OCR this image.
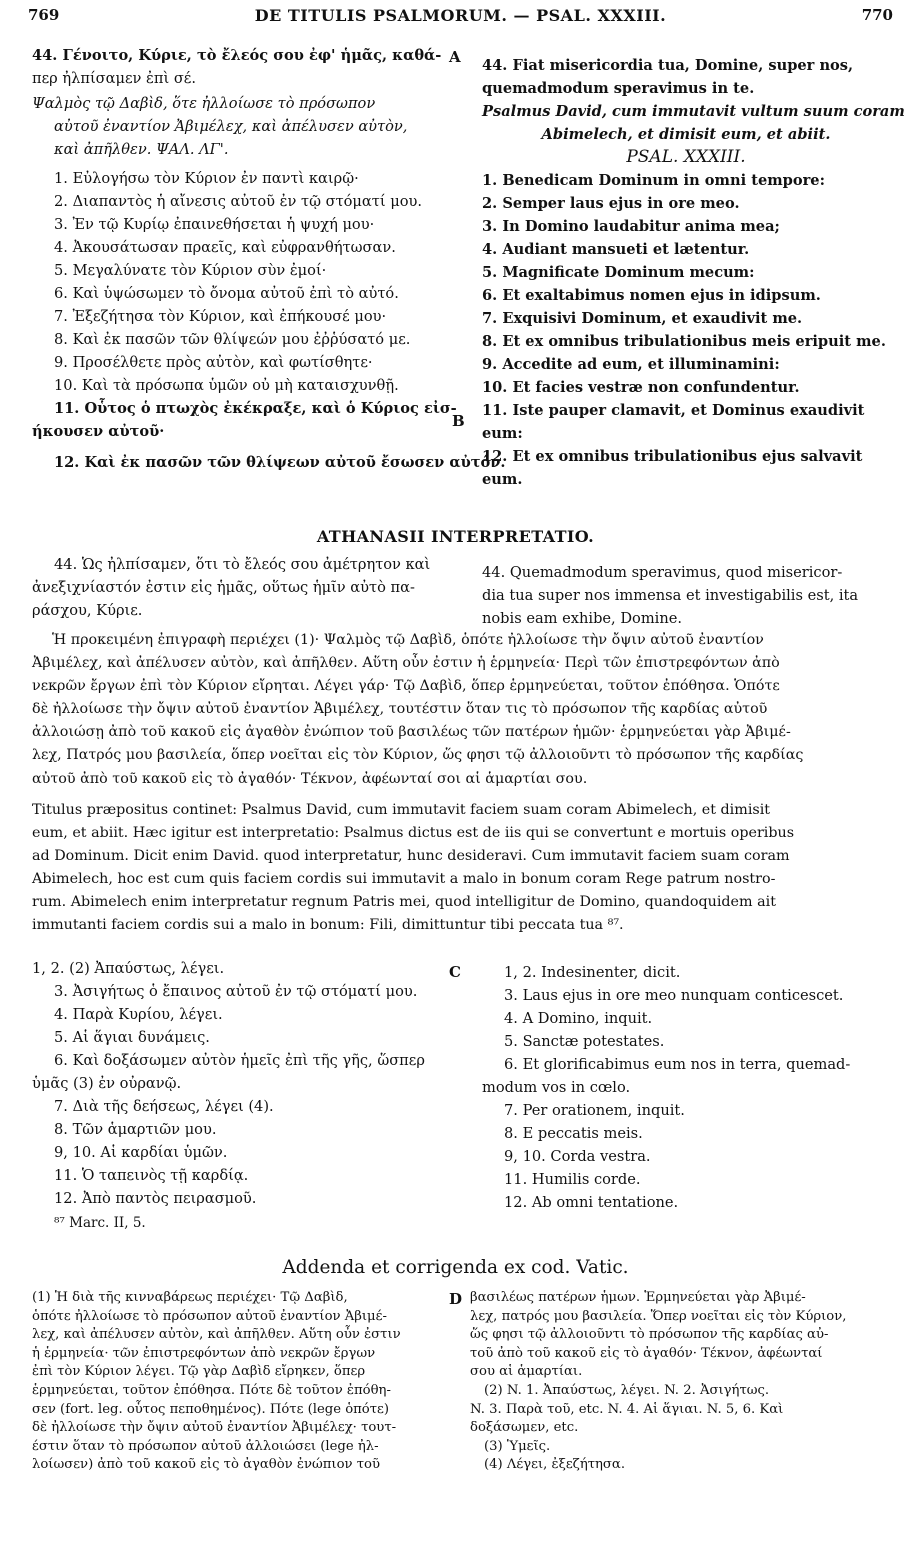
769	DE TITULIS PSALMORUM. — PSAL. XXXIII.	770
A
B
C
D
44. Γένοιτο, Κύριε, τὸ ἔλεός σου ἐφ' ἡμᾶς, καθά-
περ ἠλπίσαμεν ἐπὶ σέ.
Ψαλμὸς τῷ Δαβὶδ, ὅτε ἠλλοίωσε τὸ πρόσωπον
αὐτοῦ ἐναντίον Ἀβιμέλεχ, καὶ ἀπέλυσεν αὐτὸν,
καὶ ἀπῆλθεν. ΨΑΛ. ΛΓ'.
1. Εὐλογήσω τὸν Κύριον ἐν παντὶ καιρῷ·
2. Διαπαντὸς ἡ αἴνεσις αὐτοῦ ἐν τῷ στόματί μου.
3. Ἐν τῷ Κυρίῳ ἐπαινεθήσεται ἡ ψυχή μου·
4. Ἀκουσάτωσαν πραεῖς, καὶ εὐφρανθήτωσαν.
5. Μεγαλύνατε τὸν Κύριον σὺν ἐμοί·
6. Καὶ ὑψώσωμεν τὸ ὄνομα αὐτοῦ ἐπὶ τὸ αὐτό.
7. Ἐξεζήτησα τὸν Κύριον, καὶ ἐπήκουσέ μου·
8. Καὶ ἐκ πασῶν τῶν θλίψεών μου ἐῤῥύσατό με.
9. Προσέλθετε πρὸς αὐτὸν, καὶ φωτίσθητε·
10. Καὶ τὰ πρόσωπα ὑμῶν οὐ μὴ καταισχυνθῇ.
11. Οὗτος ὁ πτωχὸς ἐκέκραξε, καὶ ὁ Κύριος εἰσ-
ήκουσεν αὐτοῦ·
12. Καὶ ἐκ πασῶν τῶν θλίψεων αὐτοῦ ἔσωσεν αὐτόν.
44. Fiat misericordia tua, Domine, super nos,
quemadmodum speravimus in te.
Psalmus David, cum immutavit vultum suum coram
Abimelech, et dimisit eum, et abiit.
PSAL. XXXIII.
1. Benedicam Dominum in omni tempore:
2. Semper laus ejus in ore meo.
3. In Domino laudabitur anima mea;
4. Audiant mansueti et lætentur.
5. Magnificate Dominum mecum:
6. Et exaltabimus nomen ejus in idipsum.
7. Exquisivi Dominum, et exaudivit me.
8. Et ex omnibus tribulationibus meis eripuit me.
9. Accedite ad eum, et illuminamini:
10. Et facies vestræ non confundentur.
11. Iste pauper clamavit, et Dominus exaudivit
eum:
12. Et ex omnibus tribulationibus ejus salvavit
eum.
ATHANASII INTERPRETATIO.
44. Ὡς ἠλπίσαμεν, ὅτι τὸ ἔλεός σου ἀμέτρητον καὶ
ἀνεξιχνίαστόν ἐστιν εἰς ἡμᾶς, οὕτως ἡμῖν αὐτὸ πα-
ράσχου, Κύριε.
44. Quemadmodum speravimus, quod misericor-
dia tua super nos immensa et investigabilis est, ita
nobis eam exhibe, Domine.
Ἡ προκειμένη ἐπιγραφὴ περιέχει (1)· Ψαλμὸς τῷ Δαβὶδ, ὁπότε ἠλλοίωσε τὴν ὄψιν αὐτοῦ ἐναντίον
Ἀβιμέλεχ, καὶ ἀπέλυσεν αὐτὸν, καὶ ἀπῆλθεν. Αὕτη οὖν ἐστιν ἡ ἑρμηνεία· Περὶ τῶν ἐπιστρεφόντων ἀπὸ
νεκρῶν ἔργων ἐπὶ τὸν Κύριον εἴρηται. Λέγει γάρ· Τῷ Δαβὶδ, ὅπερ ἑρμηνεύεται, τοῦτον ἐπόθησα. Ὁπότε
δὲ ἠλλοίωσε τὴν ὄψιν αὐτοῦ ἐναντίον Ἀβιμέλεχ, τουτέστιν ὅταν τις τὸ πρόσωπον τῆς καρδίας αὐτοῦ
ἀλλοιώσῃ ἀπὸ τοῦ κακοῦ εἰς ἀγαθὸν ἐνώπιον τοῦ βασιλέως τῶν πατέρων ἡμῶν· ἑρμηνεύεται γὰρ Ἀβιμέ-
λεχ, Πατρός μου βασιλεία, ὅπερ νοεῖται εἰς τὸν Κύριον, ὥς φησι τῷ ἀλλοιοῦντι τὸ πρόσωπον τῆς καρδίας
αὐτοῦ ἀπὸ τοῦ κακοῦ εἰς τὸ ἀγαθόν· Τέκνον, ἀφέωνταί σοι αἱ ἁμαρτίαι σου.
Titulus præpositus continet: Psalmus David, cum immutavit faciem suam coram Abimelech, et dimisit
eum, et abiit. Hæc igitur est interpretatio: Psalmus dictus est de iis qui se convertunt e mortuis operibus
ad Dominum. Dicit enim David. quod interpretatur, hunc desideravi. Cum immutavit faciem suam coram
Abimelech, hoc est cum quis faciem cordis sui immutavit a malo in bonum coram Rege patrum nostro-
rum. Abimelech enim interpretatur regnum Patris mei, quod intelligitur de Domino, quandoquidem ait
immutanti faciem cordis sui a malo in bonum: Fili, dimittuntur tibi peccata tua ⁸⁷.
1, 2. (2) Ἀπαύστως, λέγει.
3. Ἀσιγήτως ὁ ἔπαινος αὐτοῦ ἐν τῷ στόματί μου.
4. Παρὰ Κυρίου, λέγει.
5. Αἱ ἅγιαι δυνάμεις.
6. Καὶ δοξάσωμεν αὐτὸν ἡμεῖς ἐπὶ τῆς γῆς, ὥσπερ
ὑμᾶς (3) ἐν οὐρανῷ.
7. Διὰ τῆς δεήσεως, λέγει (4).
8. Τῶν ἁμαρτιῶν μου.
9, 10. Αἱ καρδίαι ὑμῶν.
11. Ὁ ταπεινὸς τῇ καρδίᾳ.
12. Ἀπὸ παντὸς πειρασμοῦ.
⁸⁷ Marc. II, 5.
1, 2. Indesinenter, dicit.
3. Laus ejus in ore meo nunquam conticescet.
4. A Domino, inquit.
5. Sanctæ potestates.
6. Et glorificabimus eum nos in terra, quemad-
modum vos in cœlo.
7. Per orationem, inquit.
8. E peccatis meis.
9, 10. Corda vestra.
11. Humilis corde.
12. Ab omni tentatione.
Addenda et corrigenda ex cod. Vatic.
(1) Ἡ διὰ τῆς κινναβάρεως περιέχει· Τῷ Δαβὶδ,
ὁπότε ἠλλοίωσε τὸ πρόσωπον αὐτοῦ ἐναντίον Ἀβιμέ-
λεχ, καὶ ἀπέλυσεν αὐτὸν, καὶ ἀπῆλθεν. Αὕτη οὖν ἐστιν
ἡ ἑρμηνεία· τῶν ἐπιστρεφόντων ἀπὸ νεκρῶν ἔργων
ἐπὶ τὸν Κύριον λέγει. Τῷ γὰρ Δαβὶδ εἴρηκεν, ὅπερ
ἑρμηνεύεται, τοῦτον ἐπόθησα. Πότε δὲ τοῦτον ἐπόθη-
σεν (fort. leg. οὗτος πεποθημένος). Πότε (lege ὁπότε)
δὲ ἠλλοίωσε τὴν ὄψιν αὐτοῦ ἐναντίον Ἀβιμέλεχ· τουτ-
έστιν ὅταν τὸ πρόσωπον αὐτοῦ ἀλλοιώσει (lege ἠλ-
λοίωσεν) ἀπὸ τοῦ κακοῦ εἰς τὸ ἀγαθὸν ἐνώπιον τοῦ
βασιλέως πατέρων ἡμων. Ἑρμηνεύεται γὰρ Ἀβιμέ-
λεχ, πατρός μου βασιλεία. Ὅπερ νοεῖται εἰς τὸν Κύριον,
ὥς φησι τῷ ἀλλοιοῦντι τὸ πρόσωπον τῆς καρδίας αὐ-
τοῦ ἀπὸ τοῦ κακοῦ εἰς τὸ ἀγαθόν· Τέκνον, ἀφέωνταί
σου αἱ ἁμαρτίαι.
(2) N. 1. Ἀπαύστως, λέγει. N. 2. Ἀσιγήτως.
N. 3. Παρὰ τοῦ, etc. N. 4. Αἱ ἅγιαι. N. 5, 6. Καὶ
δοξάσωμεν, etc.
(3) Ὑμεῖς.
(4) Λέγει, ἐξεζήτησα.
